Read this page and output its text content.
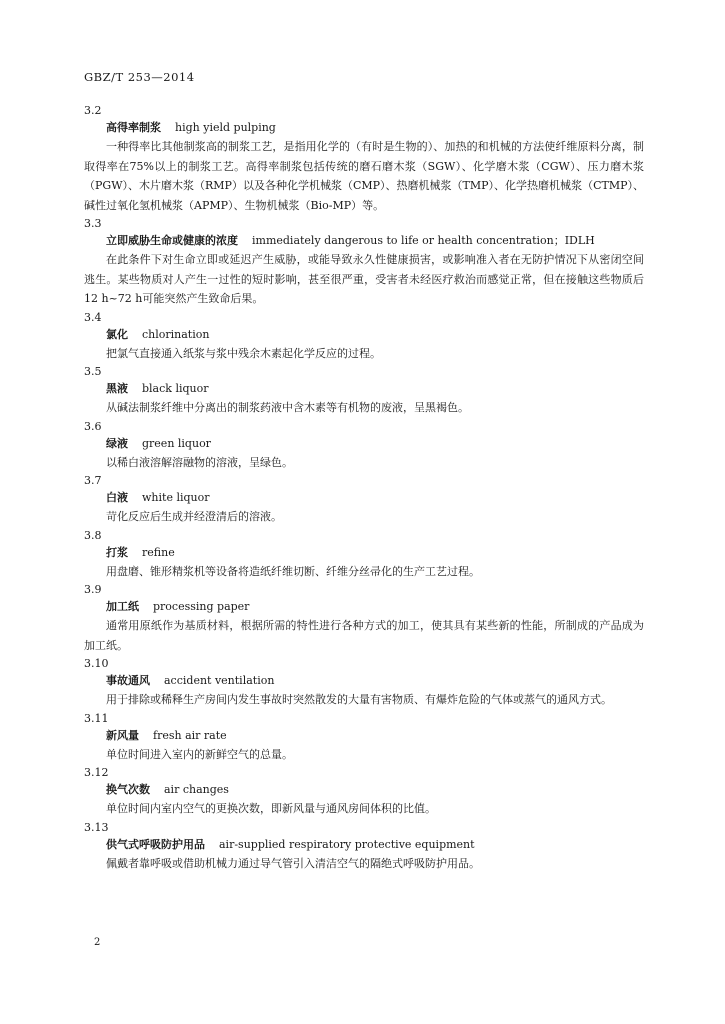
GBZ/T 253—2014
3.2
高得率制浆 high yield pulping
一种得率比其他制浆高的制浆工艺，是指用化学的（有时是生物的）、加热的和机械的方法使纤维原料分离，制取得率在75%以上的制浆工艺。高得率制浆包括传统的磨石磨木浆（SGW）、化学磨木浆（CGW）、压力磨木浆（PGW）、木片磨木浆（RMP）以及各种化学机械浆（CMP）、热磨机械浆（TMP）、化学热磨机械浆（CTMP）、碱性过氧化氢机械浆（APMP）、生物机械浆（Bio-MP）等。
3.3
立即威胁生命或健康的浓度 immediately dangerous to life or health concentration；IDLH
在此条件下对生命立即或延迟产生威胁，或能导致永久性健康损害，或影响准入者在无防护情况下从密闭空间逃生。某些物质对人产生一过性的短时影响，甚至很严重，受害者未经医疗救治而感觉正常，但在接触这些物质后12 h~72 h可能突然产生致命后果。
3.4
氯化 chlorination
把氯气直接通入纸浆与浆中残余木素起化学反应的过程。
3.5
黑液 black liquor
从碱法制浆纤维中分离出的制浆药液中含木素等有机物的废液，呈黑褐色。
3.6
绿液 green liquor
以稀白液溶解溶融物的溶液，呈绿色。
3.7
白液 white liquor
苛化反应后生成并经澄清后的溶液。
3.8
打浆 refine
用盘磨、锥形精浆机等设备将造纸纤维切断、纤维分丝帚化的生产工艺过程。
3.9
加工纸 processing paper
通常用原纸作为基质材料，根据所需的特性进行各种方式的加工，使其具有某些新的性能，所制成的产品成为加工纸。
3.10
事故通风 accident ventilation
用于排除或稀释生产房间内发生事故时突然散发的大量有害物质、有爆炸危险的气体或蒸气的通风方式。
3.11
新风量 fresh air rate
单位时间进入室内的新鲜空气的总量。
3.12
换气次数 air changes
单位时间内室内空气的更换次数，即新风量与通风房间体积的比值。
3.13
供气式呼吸防护用品 air-supplied respiratory protective equipment
佩戴者靠呼吸或借助机械力通过导气管引入清洁空气的隔绝式呼吸防护用品。
2
